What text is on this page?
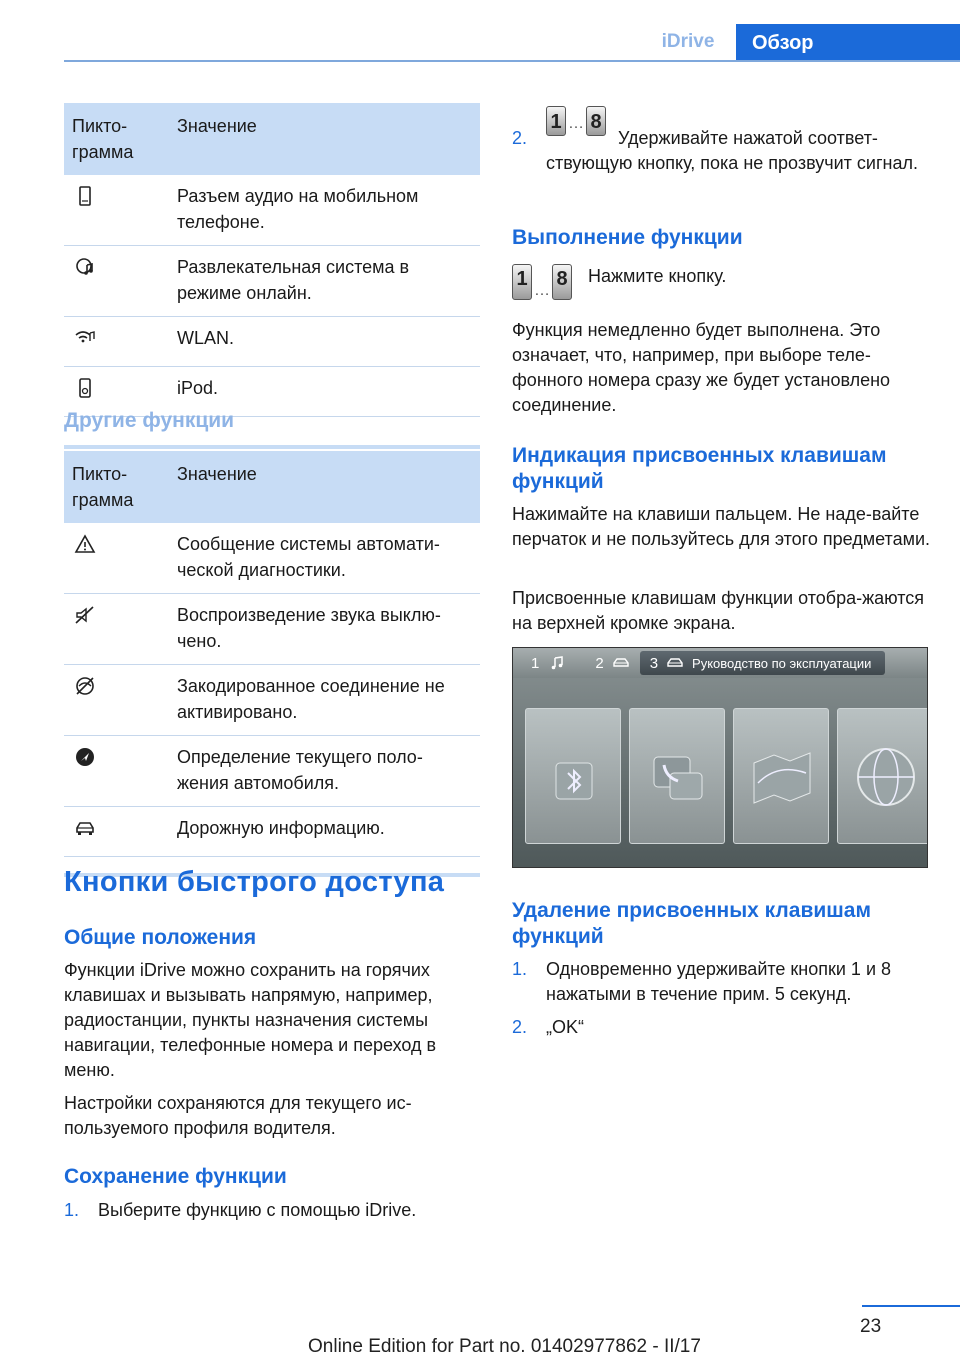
iDrive	Обзор
Пикто-
грамма
Значение
Разъем аудио на мобильном телефоне.
Развлекательная система в режиме онлайн.
WLAN.
iPod.
Другие функции
Пикто-
грамма
Значение
Сообщение системы автомати-ческой диагностики.
Воспроизведение звука выклю-чено.
Закодированное соединение не активировано.
Определение текущего поло-жения автомобиля.
Дорожную информацию.
Кнопки быстрого доступа
Общие положения
Функции iDrive можно сохранить на горячих клавишах и вызывать напрямую, например, радиостанции, пункты назначения системы навигации, телефонные номера и переход в меню.
Настройки сохраняются для текущего ис-пользуемого профиля водителя.
Сохранение функции
1.	Выберите функцию с помощью iDrive.
2.
1 … 8
Удерживайте нажатой соответ-ствующую кнопку, пока не прозвучит сигнал.
Выполнение функции
1
…
8 Нажмите кнопку.
Функция немедленно будет выполнена. Это означает, что, например, при выборе теле-фонного номера сразу же будет установлено соединение.
Индикация присвоенных клавишам функций
Нажимайте на клавиши пальцем. Не наде-вайте перчаток и не пользуйтесь для этого предметами.
Присвоенные клавишам функции отобра-жаются на верхней кромке экрана.
1	2	3	Руководство по эксплуатации
Удаление присвоенных клавишам функций
1.	Одновременно удерживайте кнопки 1 и 8 нажатыми в течение прим. 5 секунд.
2.	„OK“
23
Online Edition for Part no. 01402977862 - II/17
